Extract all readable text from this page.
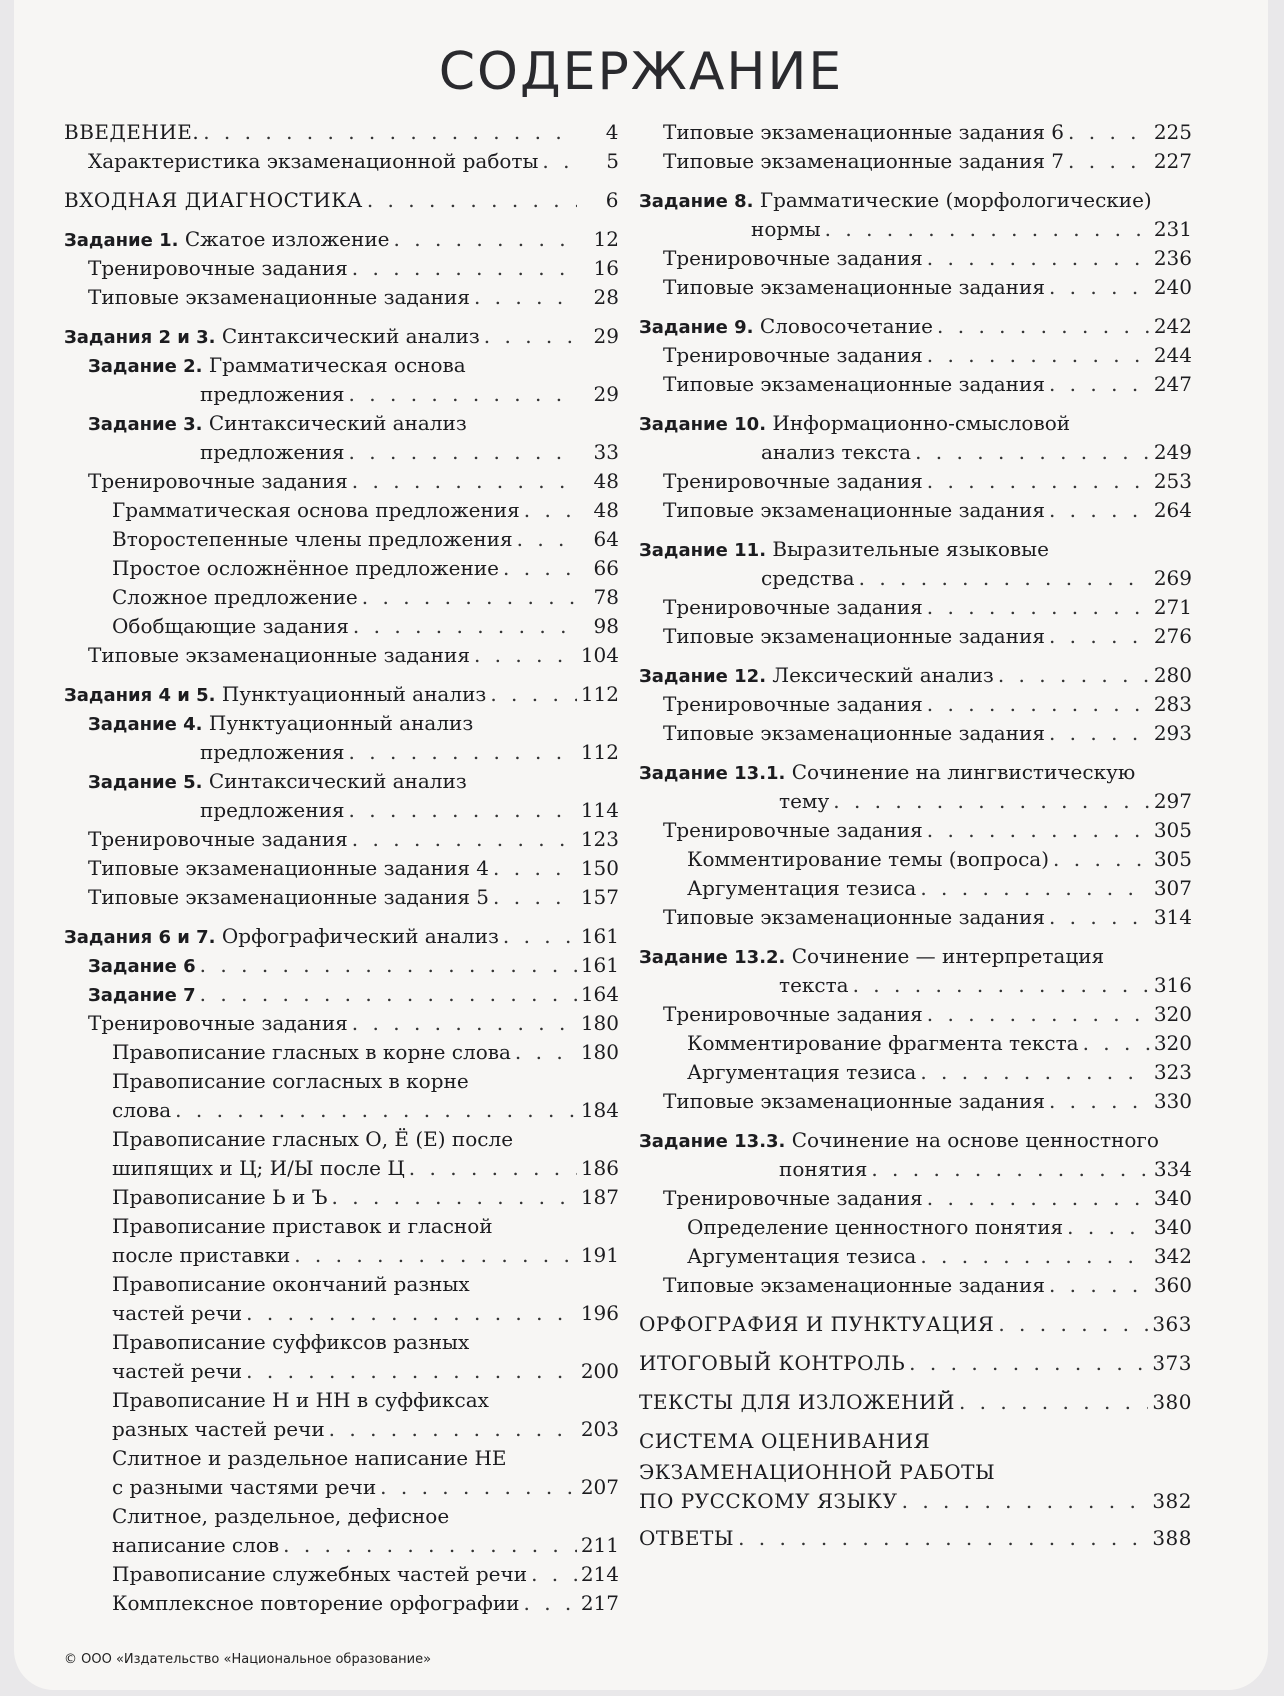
СОДЕРЖАНИЕ
ВВЕДЕНИЕ. . . .	4
Характеристика экзаменационной работы . . .	5
ВХОДНАЯ ДИАГНОСТИКА . . .	6
Задание 1. Сжатое изложение . . .	12
Тренировочные задания . . .	16
Типовые экзаменационные задания . . .	28
Задания 2 и 3. Синтаксический анализ . . .	29
Задание 2. Грамматическая основа
предложения . . .	29
Задание 3. Синтаксический анализ
предложения . . .	33
Тренировочные задания . . .	48
Грамматическая основа предложения . . .	48
Второстепенные члены предложения . . .	64
Простое осложнённое предложение . . .	66
Сложное предложение . . .	78
Обобщающие задания . . .	98
Типовые экзаменационные задания . . .	104
Задания 4 и 5. Пунктуационный анализ . . .	112
Задание 4. Пунктуационный анализ
предложения . . .	112
Задание 5. Синтаксический анализ
предложения . . .	114
Тренировочные задания . . .	123
Типовые экзаменационные задания 4 . . .	150
Типовые экзаменационные задания 5 . . .	157
Задания 6 и 7. Орфографический анализ . . .	161
Задание 6 . . .	161
Задание 7 . . .	164
Тренировочные задания . . .	180
Правописание гласных в корне слова . . .	180
Правописание согласных в корне
слова . . .	184
Правописание гласных О, Ё (Е) после
шипящих и Ц; И/Ы после Ц . . .	186
Правописание Ь и Ъ . . .	187
Правописание приставок и гласной
после приставки . . .	191
Правописание окончаний разных
частей речи . . .	196
Правописание суффиксов разных
частей речи . . .	200
Правописание Н и НН в суффиксах
разных частей речи . . .	203
Слитное и раздельное написание НЕ
с разными частями речи . . .	207
Слитное, раздельное, дефисное
написание слов . . .	211
Правописание служебных частей речи . . .	214
Комплексное повторение орфографии . . .	217
Типовые экзаменационные задания 6 . . .	225
Типовые экзаменационные задания 7 . . .	227
Задание 8. Грамматические (морфологические)
нормы . . .	231
Тренировочные задания . . .	236
Типовые экзаменационные задания . . .	240
Задание 9. Словосочетание . . .	242
Тренировочные задания . . .	244
Типовые экзаменационные задания . . .	247
Задание 10. Информационно-смысловой
анализ текста . . .	249
Тренировочные задания . . .	253
Типовые экзаменационные задания . . .	264
Задание 11. Выразительные языковые
средства . . .	269
Тренировочные задания . . .	271
Типовые экзаменационные задания . . .	276
Задание 12. Лексический анализ . . .	280
Тренировочные задания . . .	283
Типовые экзаменационные задания . . .	293
Задание 13.1. Сочинение на лингвистическую
тему . . .	297
Тренировочные задания . . .	305
Комментирование темы (вопроса) . . .	305
Аргументация тезиса . . .	307
Типовые экзаменационные задания . . .	314
Задание 13.2. Сочинение — интерпретация
текста . . .	316
Тренировочные задания . . .	320
Комментирование фрагмента текста . . .	320
Аргументация тезиса . . .	323
Типовые экзаменационные задания . . .	330
Задание 13.3. Сочинение на основе ценностного
понятия . . .	334
Тренировочные задания . . .	340
Определение ценностного понятия . . .	340
Аргументация тезиса . . .	342
Типовые экзаменационные задания . . .	360
ОРФОГРАФИЯ И ПУНКТУАЦИЯ . . .	363
ИТОГОВЫЙ КОНТРОЛЬ . . .	373
ТЕКСТЫ ДЛЯ ИЗЛОЖЕНИЙ . . .	380
СИСТЕМА ОЦЕНИВАНИЯ
ЭКЗАМЕНАЦИОННОЙ РАБОТЫ
ПО РУССКОМУ ЯЗЫКУ . . .	382
ОТВЕТЫ . . .	388
© ООО «Издательство «Национальное образование»
